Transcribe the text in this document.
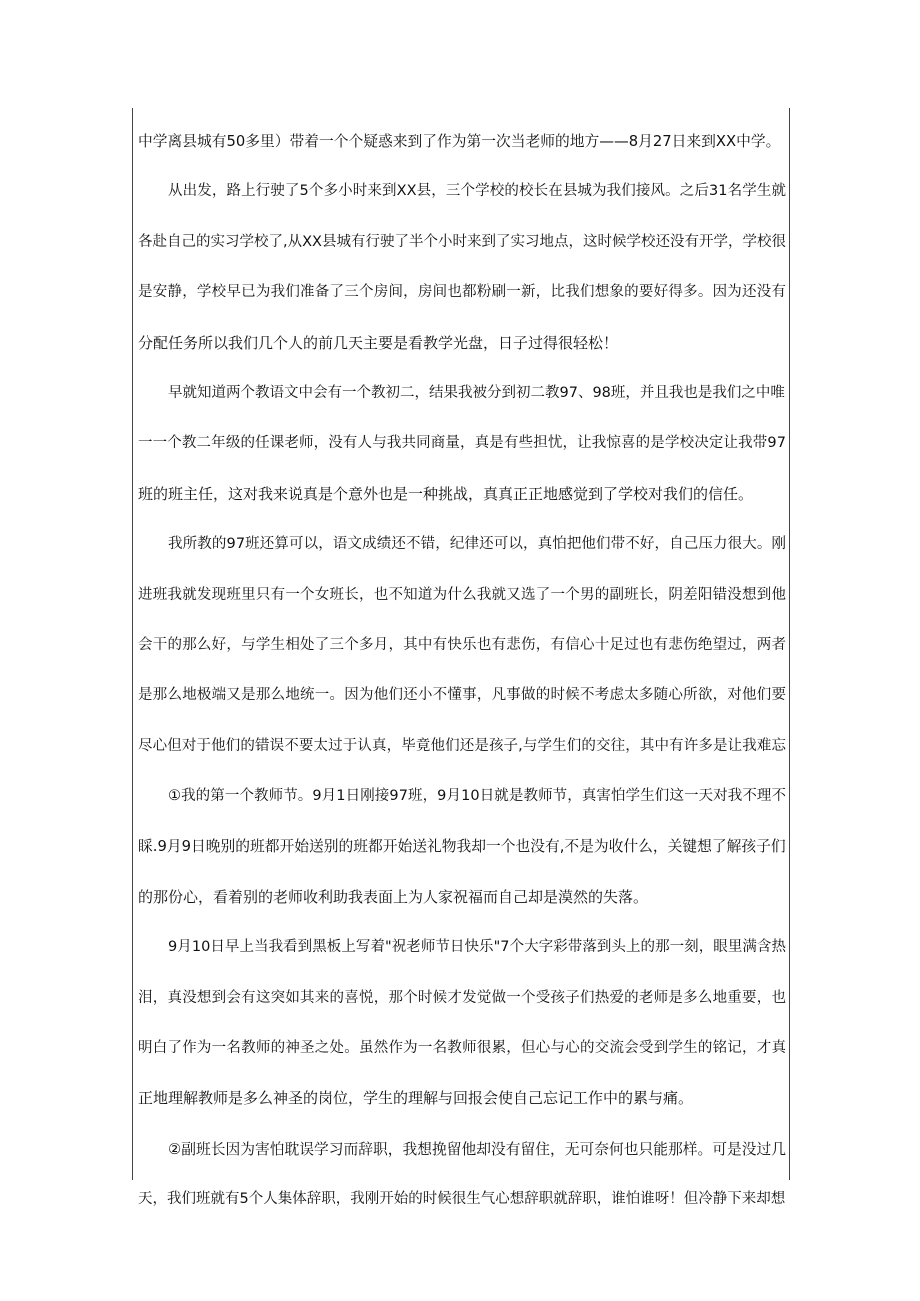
中学离县城有50多里）带着一个个疑惑来到了作为第一次当老师的地方——8月27日来到XX中学。
从出发，路上行驶了5个多小时来到XX县，三个学校的校长在县城为我们接风。之后31名学生就
各赴自己的实习学校了,从XX县城有行驶了半个小时来到了实习地点，这时候学校还没有开学，学校很
是安静，学校早已为我们准备了三个房间，房间也都粉刷一新，比我们想象的要好得多。因为还没有
分配任务所以我们几个人的前几天主要是看教学光盘，日子过得很轻松！
早就知道两个教语文中会有一个教初二，结果我被分到初二教97、98班，并且我也是我们之中唯
一一个教二年级的任课老师，没有人与我共同商量，真是有些担忧，让我惊喜的是学校决定让我带97
班的班主任，这对我来说真是个意外也是一种挑战，真真正正地感觉到了学校对我们的信任。
我所教的97班还算可以，语文成绩还不错，纪律还可以，真怕把他们带不好，自己压力很大。刚
进班我就发现班里只有一个女班长，也不知道为什么我就又选了一个男的副班长，阴差阳错没想到他
会干的那么好，与学生相处了三个多月，其中有快乐也有悲伤，有信心十足过也有悲伤绝望过，两者
是那么地极端又是那么地统一。因为他们还小不懂事，凡事做的时候不考虑太多随心所欲，对他们要
尽心但对于他们的错误不要太过于认真，毕竟他们还是孩子,与学生们的交往，其中有许多是让我难忘
①我的第一个教师节。9月1日刚接97班，9月10日就是教师节，真害怕学生们这一天对我不理不
睬.9月9日晚别的班都开始送别的班都开始送礼物我却一个也没有,不是为收什么，关键想了解孩子们
的那份心，看着别的老师收利助我表面上为人家祝福而自己却是漠然的失落。
9月10日早上当我看到黑板上写着"祝老师节日快乐"7个大字彩带落到头上的那一刻，眼里满含热
泪，真没想到会有这突如其来的喜悦，那个时候才发觉做一个受孩子们热爱的老师是多么地重要，也
明白了作为一名教师的神圣之处。虽然作为一名教师很累，但心与心的交流会受到学生的铭记，才真
正地理解教师是多么神圣的岗位，学生的理解与回报会使自己忘记工作中的累与痛。
②副班长因为害怕耽误学习而辞职，我想挽留他却没有留住，无可奈何也只能那样。可是没过几
天，我们班就有5个人集体辞职，我刚开始的时候很生气心想辞职就辞职，谁怕谁呀！但冷静下来却想
